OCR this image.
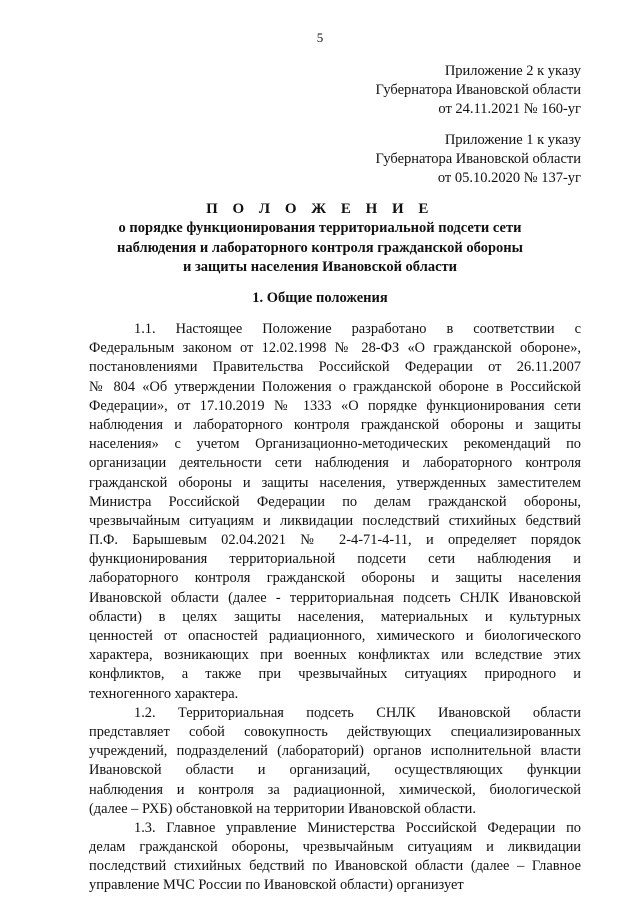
5
Приложение 2 к указу
Губернатора Ивановской области
от 24.11.2021 № 160-уг
Приложение 1 к указу
Губернатора Ивановской области
от 05.10.2020 № 137-уг
П О Л О Ж Е Н И Е
о порядке функционирования территориальной подсети сети
наблюдения и лабораторного контроля гражданской обороны
и защиты населения Ивановской области
1. Общие положения
1.1. Настоящее Положение разработано в соответствии с
Федеральным законом от 12.02.1998 № 28-ФЗ «О гражданской обороне»,
постановлениями Правительства Российской Федерации от 26.11.2007
№ 804 «Об утверждении Положения о гражданской обороне в Российской
Федерации», от 17.10.2019 № 1333 «О порядке функционирования сети
наблюдения и лабораторного контроля гражданской обороны и защиты
населения» с учетом Организационно-методических рекомендаций по
организации деятельности сети наблюдения и лабораторного контроля
гражданской обороны и защиты населения, утвержденных заместителем
Министра Российской Федерации по делам гражданской обороны,
чрезвычайным ситуациям и ликвидации последствий стихийных бедствий
П.Ф. Барышевым 02.04.2021 № 2-4-71-4-11, и определяет порядок
функционирования территориальной подсети сети наблюдения и
лабораторного контроля гражданской обороны и защиты населения
Ивановской области (далее - территориальная подсеть СНЛК Ивановской
области) в целях защиты населения, материальных и культурных
ценностей от опасностей радиационного, химического и биологического
характера, возникающих при военных конфликтах или вследствие этих
конфликтов, а также при чрезвычайных ситуациях природного и
техногенного характера.
1.2. Территориальная подсеть СНЛК Ивановской области
представляет собой совокупность действующих специализированных
учреждений, подразделений (лабораторий) органов исполнительной власти
Ивановской области и организаций, осуществляющих функции
наблюдения и контроля за радиационной, химической, биологической
(далее – РХБ) обстановкой на территории Ивановской области.
1.3. Главное управление Министерства Российской Федерации по
делам гражданской обороны, чрезвычайным ситуациям и ликвидации
последствий стихийных бедствий по Ивановской области (далее – Главное
управление МЧС России по Ивановской области) организует
